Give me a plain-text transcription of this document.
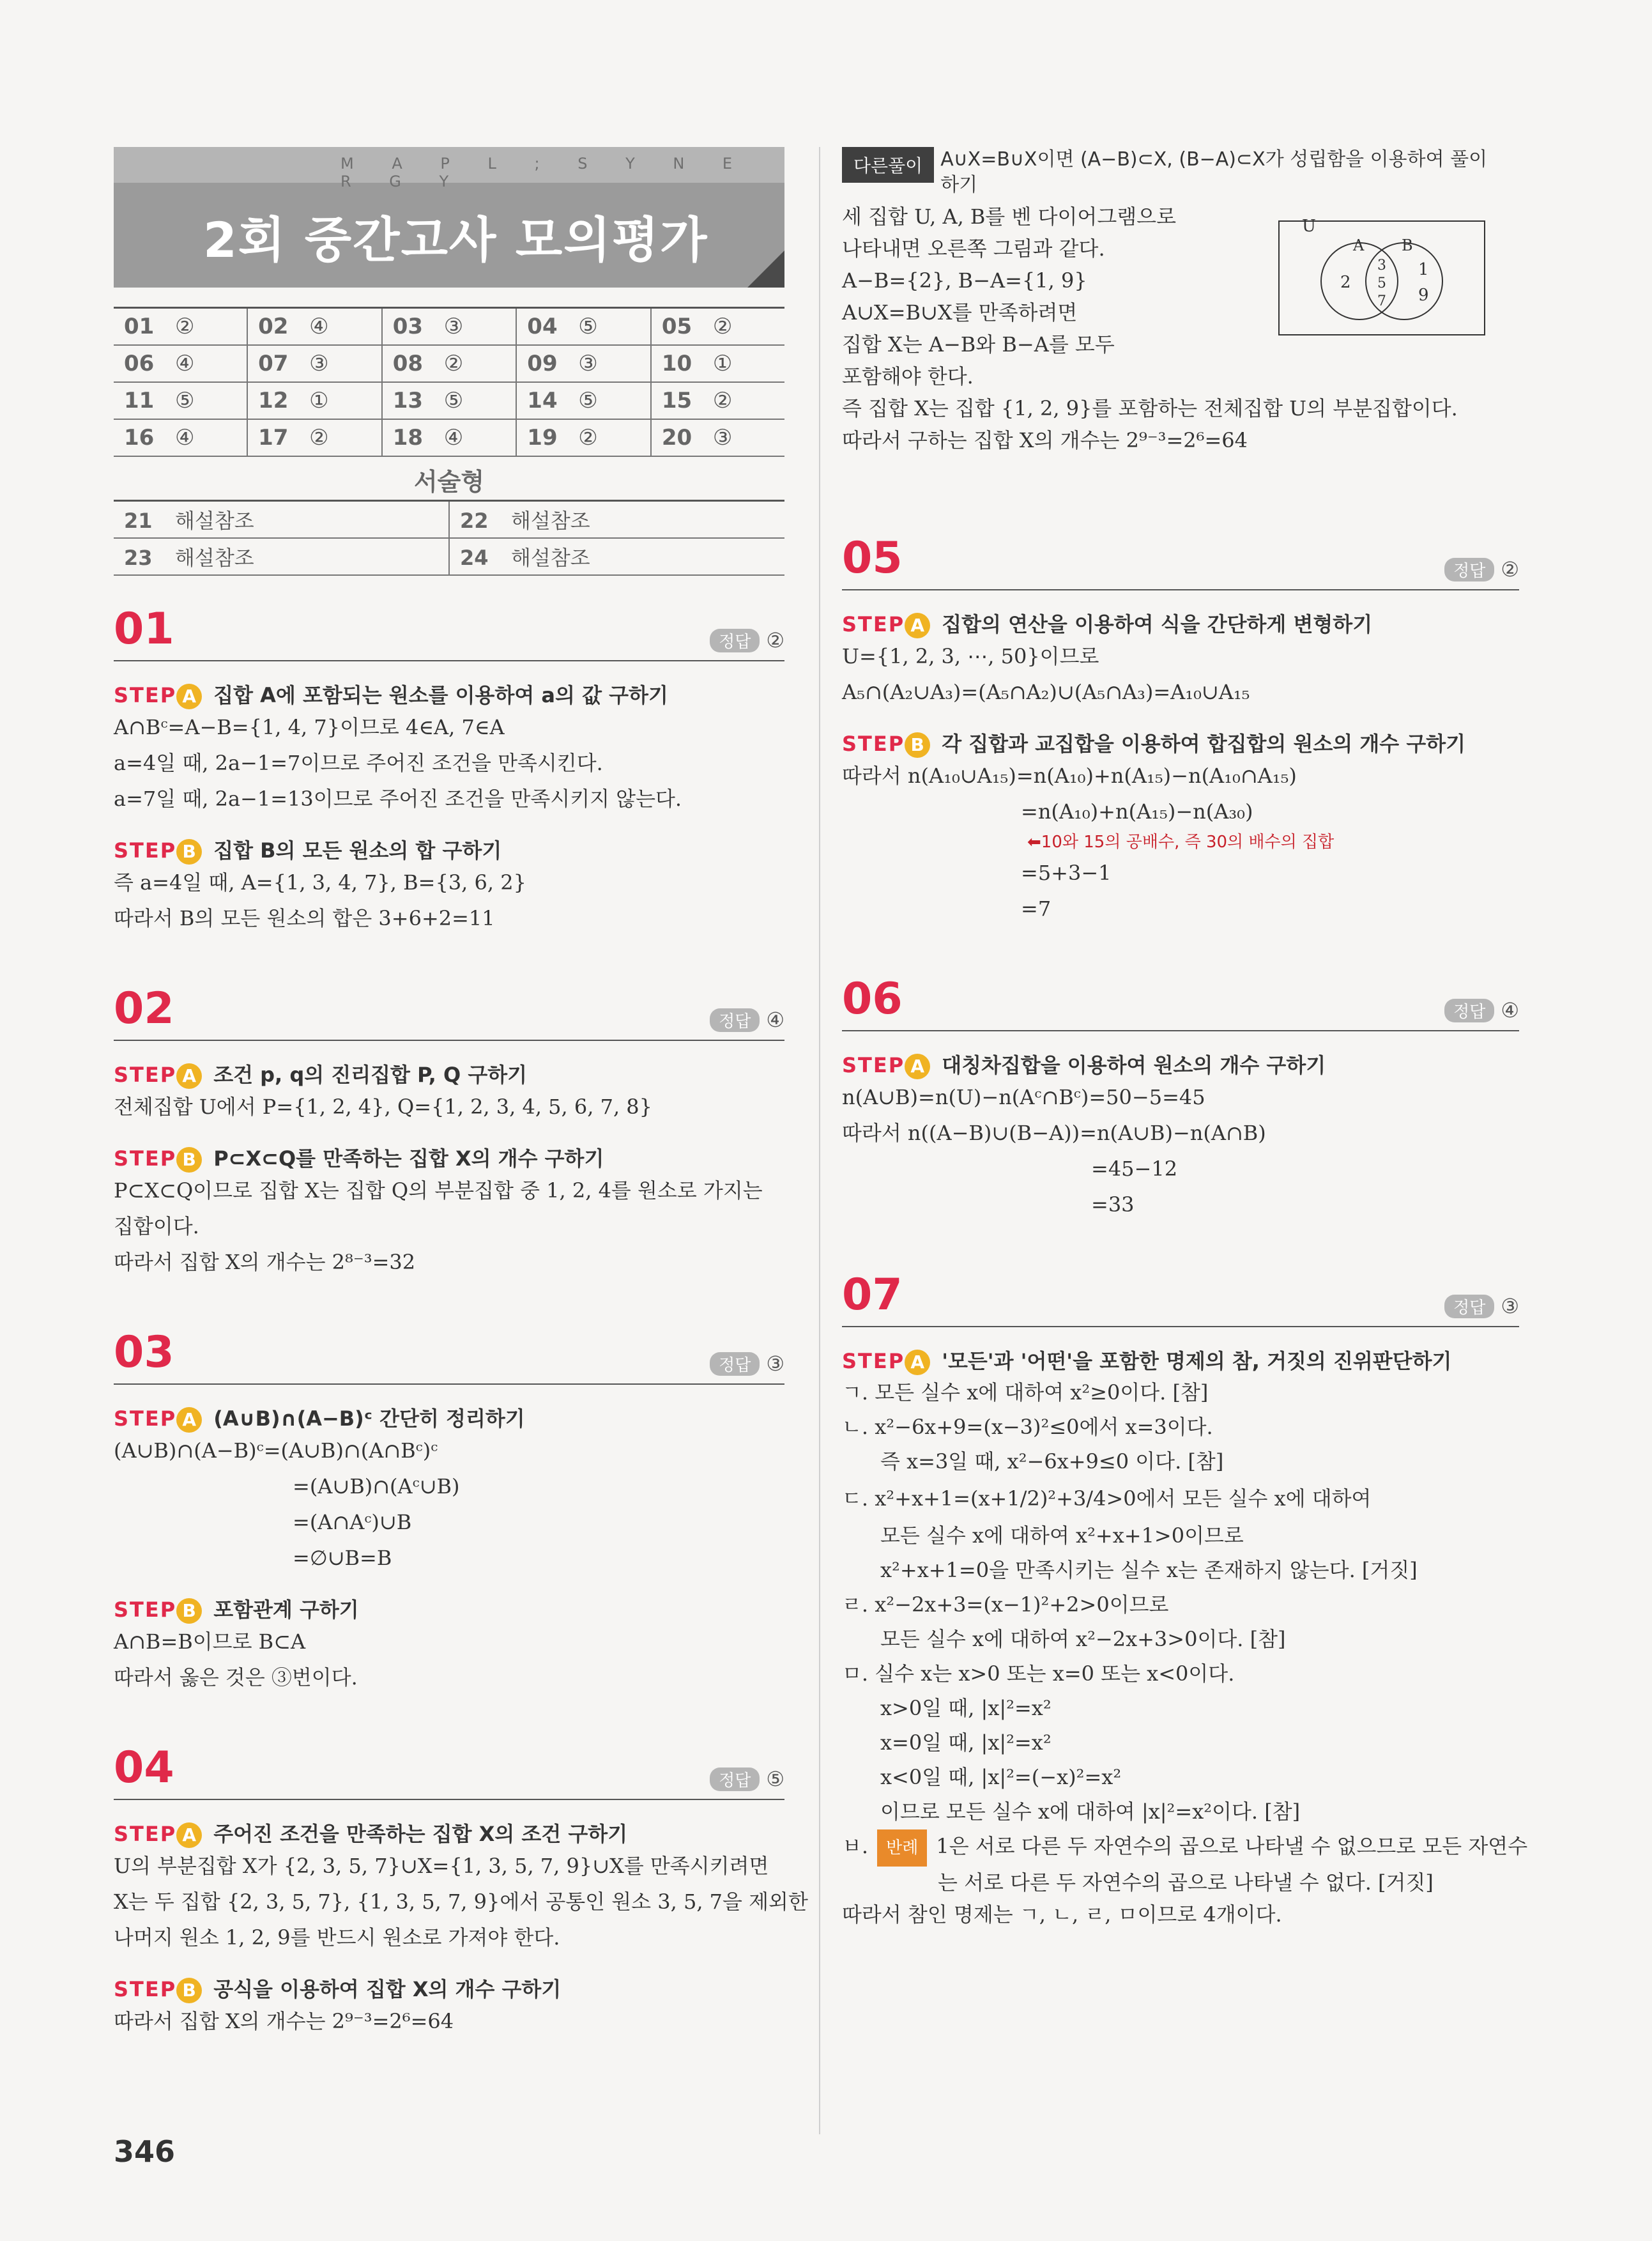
M A P L ; S Y N E R G Y
2회 중간고사 모의평가
01 ②	02 ④	03 ③	04 ⑤	05 ②
06 ④	07 ③	08 ②	09 ③	10 ①
11 ⑤	12 ①	13 ⑤	14 ⑤	15 ②
16 ④	17 ②	18 ④	19 ②	20 ③
서술형
21 해설참조	22 해설참조
23 해설참조	24 해설참조
01	정답 ②
STEP A 집합 A에 포함되는 원소를 이용하여 a의 값 구하기
A∩Bᶜ=A−B={1, 4, 7}이므로 4∈A, 7∈A
a=4일 때, 2a−1=7이므로 주어진 조건을 만족시킨다.
a=7일 때, 2a−1=13이므로 주어진 조건을 만족시키지 않는다.
STEP B 집합 B의 모든 원소의 합 구하기
즉 a=4일 때, A={1, 3, 4, 7}, B={3, 6, 2}
따라서 B의 모든 원소의 합은 3+6+2=11
02	정답 ④
STEP A 조건 p, q의 진리집합 P, Q 구하기
전체집합 U에서 P={1, 2, 4}, Q={1, 2, 3, 4, 5, 6, 7, 8}
STEP B P⊂X⊂Q를 만족하는 집합 X의 개수 구하기
P⊂X⊂Q이므로 집합 X는 집합 Q의 부분집합 중 1, 2, 4를 원소로 가지는
집합이다.
따라서 집합 X의 개수는 2⁸⁻³=32
03	정답 ③
STEP A (A∪B)∩(A−B)ᶜ 간단히 정리하기
(A∪B)∩(A−B)ᶜ=(A∪B)∩(A∩Bᶜ)ᶜ
=(A∪B)∩(Aᶜ∪B)
=(A∩Aᶜ)∪B
=∅∪B=B
STEP B 포함관계 구하기
A∩B=B이므로 B⊂A
따라서 옳은 것은 ③번이다.
04	정답 ⑤
STEP A 주어진 조건을 만족하는 집합 X의 조건 구하기
U의 부분집합 X가 {2, 3, 5, 7}∪X={1, 3, 5, 7, 9}∪X를 만족시키려면
X는 두 집합 {2, 3, 5, 7}, {1, 3, 5, 7, 9}에서 공통인 원소 3, 5, 7을 제외한
나머지 원소 1, 2, 9를 반드시 원소로 가져야 한다.
STEP B 공식을 이용하여 집합 X의 개수 구하기
따라서 집합 X의 개수는 2⁹⁻³=2⁶=64
다른풀이 A∪X=B∪X이면 (A−B)⊂X, (B−A)⊂X가 성립함을 이용하여 풀이하기
세 집합 U, A, B를 벤 다이어그램으로
나타내면 오른쪽 그림과 같다.
A−B={2}, B−A={1, 9}
A∪X=B∪X를 만족하려면
집합 X는 A−B와 B−A를 모두
포함해야 한다.
즉 집합 X는 집합 {1, 2, 9}를 포함하는 전체집합 U의 부분집합이다.
따라서 구하는 집합 X의 개수는 2⁹⁻³=2⁶=64
U
A B
2
3
5
7
1
9
05	정답 ②
STEP A 집합의 연산을 이용하여 식을 간단하게 변형하기
U={1, 2, 3, ⋯, 50}이므로
A₅∩(A₂∪A₃)=(A₅∩A₂)∪(A₅∩A₃)=A₁₀∪A₁₅
STEP B 각 집합과 교집합을 이용하여 합집합의 원소의 개수 구하기
따라서 n(A₁₀∪A₁₅)=n(A₁₀)+n(A₁₅)−n(A₁₀∩A₁₅)
=n(A₁₀)+n(A₁₅)−n(A₃₀)
⬅10와 15의 공배수, 즉 30의 배수의 집합
=5+3−1
=7
06	정답 ④
STEP A 대칭차집합을 이용하여 원소의 개수 구하기
n(A∪B)=n(U)−n(Aᶜ∩Bᶜ)=50−5=45
따라서 n((A−B)∪(B−A))=n(A∪B)−n(A∩B)
=45−12
=33
07	정답 ③
STEP A '모든'과 '어떤'을 포함한 명제의 참, 거짓의 진위판단하기
ㄱ. 모든 실수 x에 대하여 x²≥0이다. [참]
ㄴ. x²−6x+9=(x−3)²≤0에서 x=3이다.
즉 x=3일 때, x²−6x+9≤0 이다. [참]
ㄷ. x²+x+1=(x+1/2)²+3/4>0에서 모든 실수 x에 대하여
모든 실수 x에 대하여 x²+x+1>0이므로
x²+x+1=0을 만족시키는 실수 x는 존재하지 않는다. [거짓]
ㄹ. x²−2x+3=(x−1)²+2>0이므로
모든 실수 x에 대하여 x²−2x+3>0이다. [참]
ㅁ. 실수 x는 x>0 또는 x=0 또는 x<0이다.
x>0일 때, |x|²=x²
x=0일 때, |x|²=x²
x<0일 때, |x|²=(−x)²=x²
이므로 모든 실수 x에 대하여 |x|²=x²이다. [참]
ㅂ. 반례 1은 서로 다른 두 자연수의 곱으로 나타낼 수 없으므로 모든 자연수
는 서로 다른 두 자연수의 곱으로 나타낼 수 없다. [거짓]
따라서 참인 명제는 ㄱ, ㄴ, ㄹ, ㅁ이므로 4개이다.
346
